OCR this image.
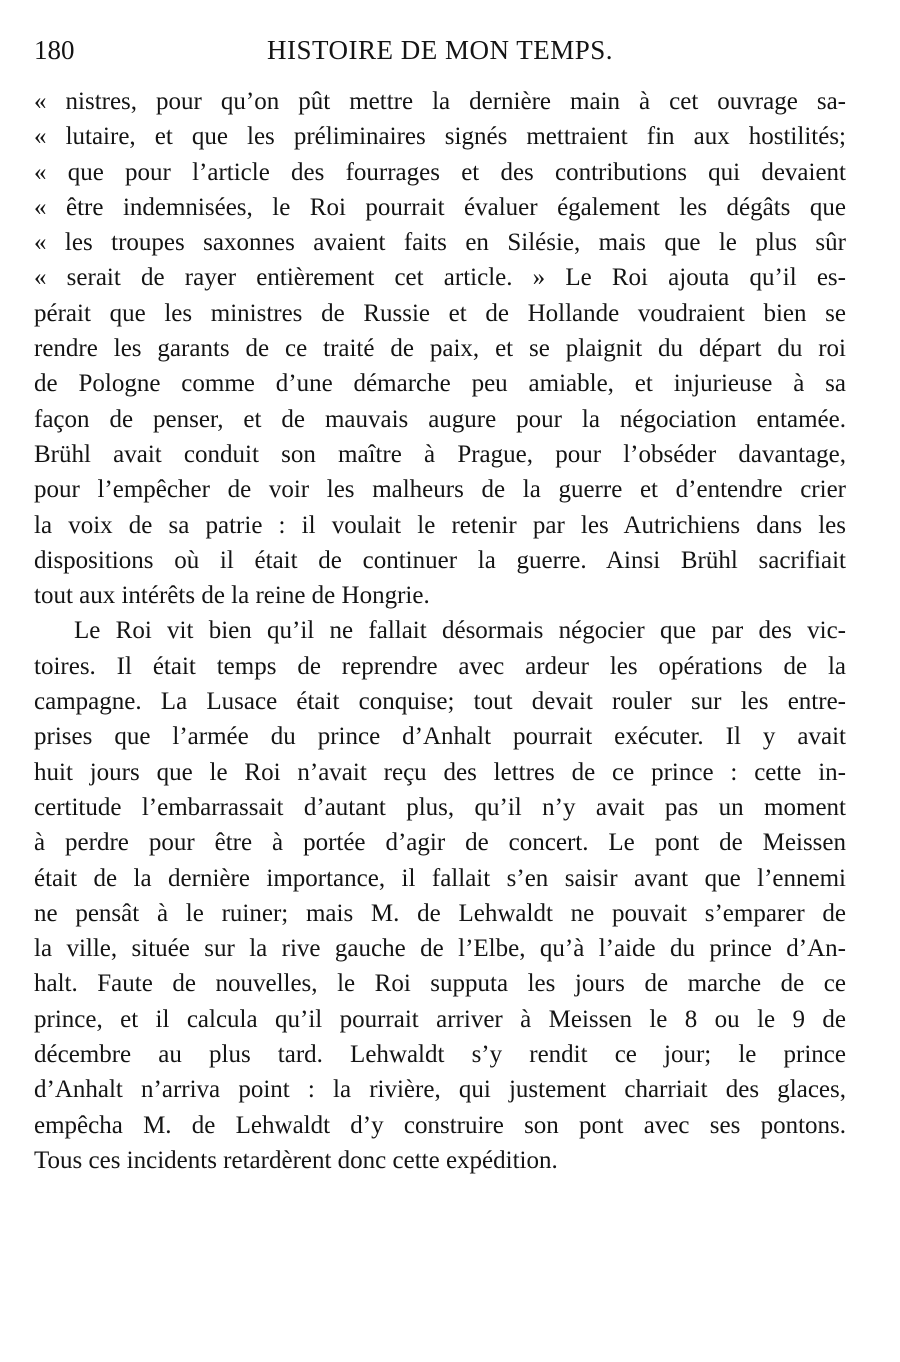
180	HISTOIRE DE MON TEMPS.
« nistres, pour qu’on pût mettre la dernière main à cet ouvrage sa-
« lutaire, et que les préliminaires signés mettraient fin aux hostilités;
« que pour l’article des fourrages et des contributions qui devaient
« être indemnisées, le Roi pourrait évaluer également les dégâts que
« les troupes saxonnes avaient faits en Silésie, mais que le plus sûr
« serait de rayer entièrement cet article. » Le Roi ajouta qu’il es-
pérait que les ministres de Russie et de Hollande voudraient bien se
rendre les garants de ce traité de paix, et se plaignit du départ du roi
de Pologne comme d’une démarche peu amiable, et injurieuse à sa
façon de penser, et de mauvais augure pour la négociation entamée.
Brühl avait conduit son maître à Prague, pour l’obséder davantage,
pour l’empêcher de voir les malheurs de la guerre et d’entendre crier
la voix de sa patrie : il voulait le retenir par les Autrichiens dans les
dispositions où il était de continuer la guerre. Ainsi Brühl sacrifiait
tout aux intérêts de la reine de Hongrie.
Le Roi vit bien qu’il ne fallait désormais négocier que par des vic-
toires. Il était temps de reprendre avec ardeur les opérations de la
campagne. La Lusace était conquise; tout devait rouler sur les entre-
prises que l’armée du prince d’Anhalt pourrait exécuter. Il y avait
huit jours que le Roi n’avait reçu des lettres de ce prince : cette in-
certitude l’embarrassait d’autant plus, qu’il n’y avait pas un moment
à perdre pour être à portée d’agir de concert. Le pont de Meissen
était de la dernière importance, il fallait s’en saisir avant que l’ennemi
ne pensât à le ruiner; mais M. de Lehwaldt ne pouvait s’emparer de
la ville, située sur la rive gauche de l’Elbe, qu’à l’aide du prince d’An-
halt. Faute de nouvelles, le Roi supputa les jours de marche de ce
prince, et il calcula qu’il pourrait arriver à Meissen le 8 ou le 9 de
décembre au plus tard. Lehwaldt s’y rendit ce jour; le prince
d’Anhalt n’arriva point : la rivière, qui justement charriait des glaces,
empêcha M. de Lehwaldt d’y construire son pont avec ses pontons.
Tous ces incidents retardèrent donc cette expédition.
